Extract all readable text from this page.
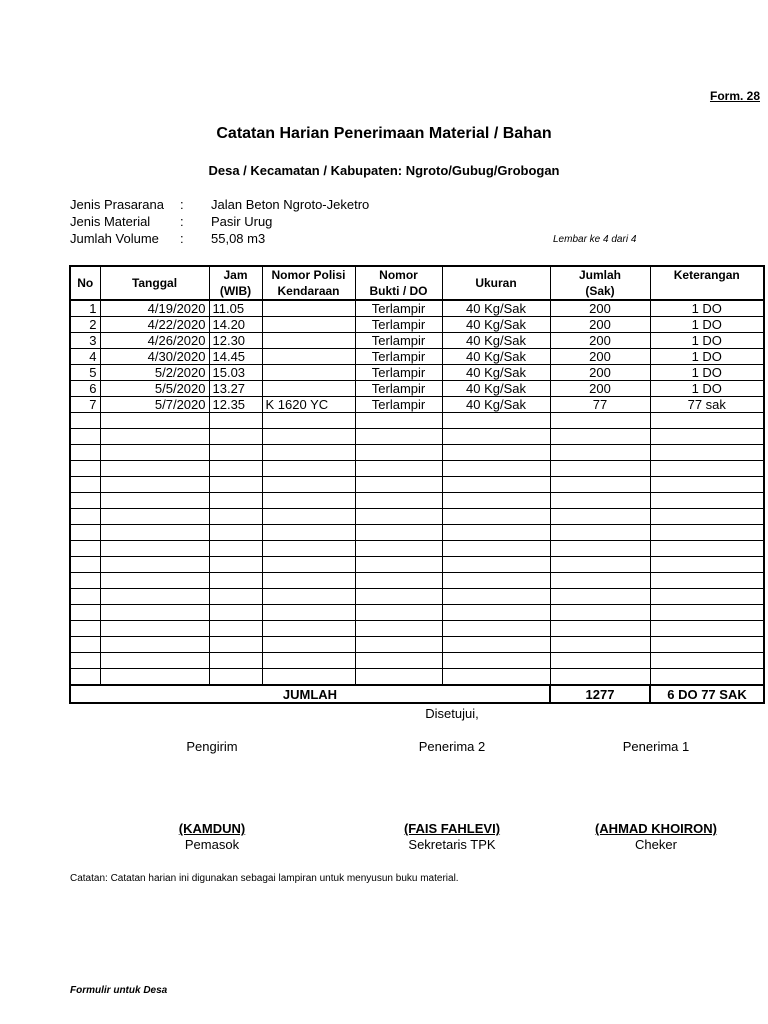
Form. 28
Catatan Harian Penerimaan Material / Bahan
Desa / Kecamatan / Kabupaten: Ngroto/Gubug/Grobogan
Jenis Prasarana : Jalan Beton Ngroto-Jeketro
Jenis Material : Pasir Urug
Jumlah Volume : 55,08 m3	Lembar ke 4 dari 4
No	Tanggal	Jam	Nomor Polisi	Nomor	Ukuran	Jumlah	Keterangan
		(WIB)	Kendaraan	Bukti / DO		(Sak)	
1	4/19/2020	11.05		Terlampir	40 Kg/Sak	200	1 DO
2	4/22/2020	14.20		Terlampir	40 Kg/Sak	200	1 DO
3	4/26/2020	12.30		Terlampir	40 Kg/Sak	200	1 DO
4	4/30/2020	14.45		Terlampir	40 Kg/Sak	200	1 DO
5	5/2/2020	15.03		Terlampir	40 Kg/Sak	200	1 DO
6	5/5/2020	13.27		Terlampir	40 Kg/Sak	200	1 DO
7	5/7/2020	12.35	K 1620 YC	Terlampir	40 Kg/Sak	77	77 sak

JUMLAH						1277	6 DO 77 SAK
Disetujui,
Pengirim	Penerima 2	Penerima 1
(KAMDUN)	(FAIS FAHLEVI)	(AHMAD KHOIRON)
Pemasok	Sekretaris TPK	Cheker
Catatan: Catatan harian ini digunakan sebagai lampiran untuk menyusun buku material.
Formulir untuk Desa
